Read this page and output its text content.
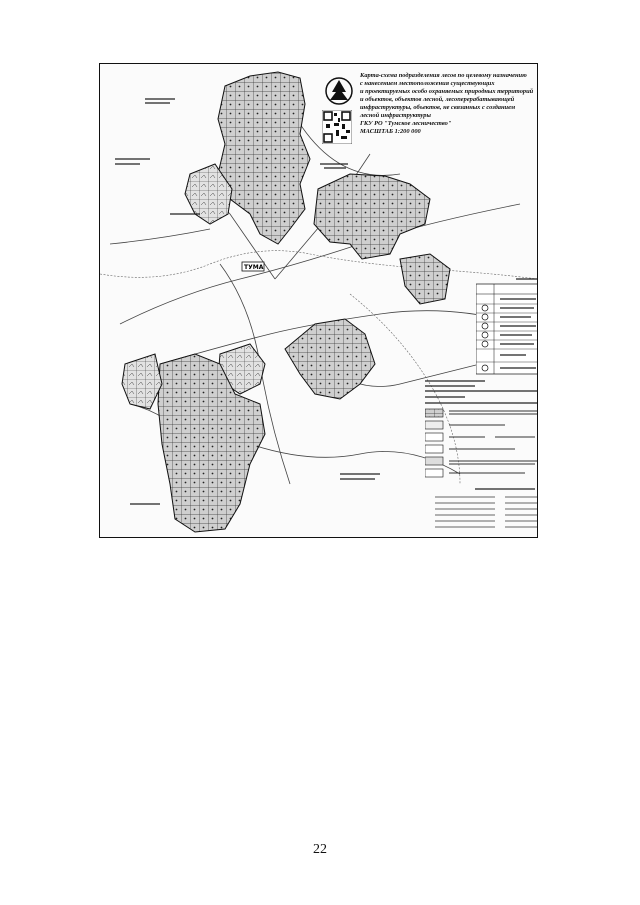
ТУМА
Карта-схема подразделения лесов по целевому назначению
с нанесением местоположения существующих
и проектируемых особо охраняемых природных территорий
и объектов, объектов лесной, лесоперерабатывающей
инфраструктуры, объектов, не связанных с созданием
лесной инфраструктуры
ГКУ РО "Тумское лесничество"
МАСШТАБ 1:200 000
22
